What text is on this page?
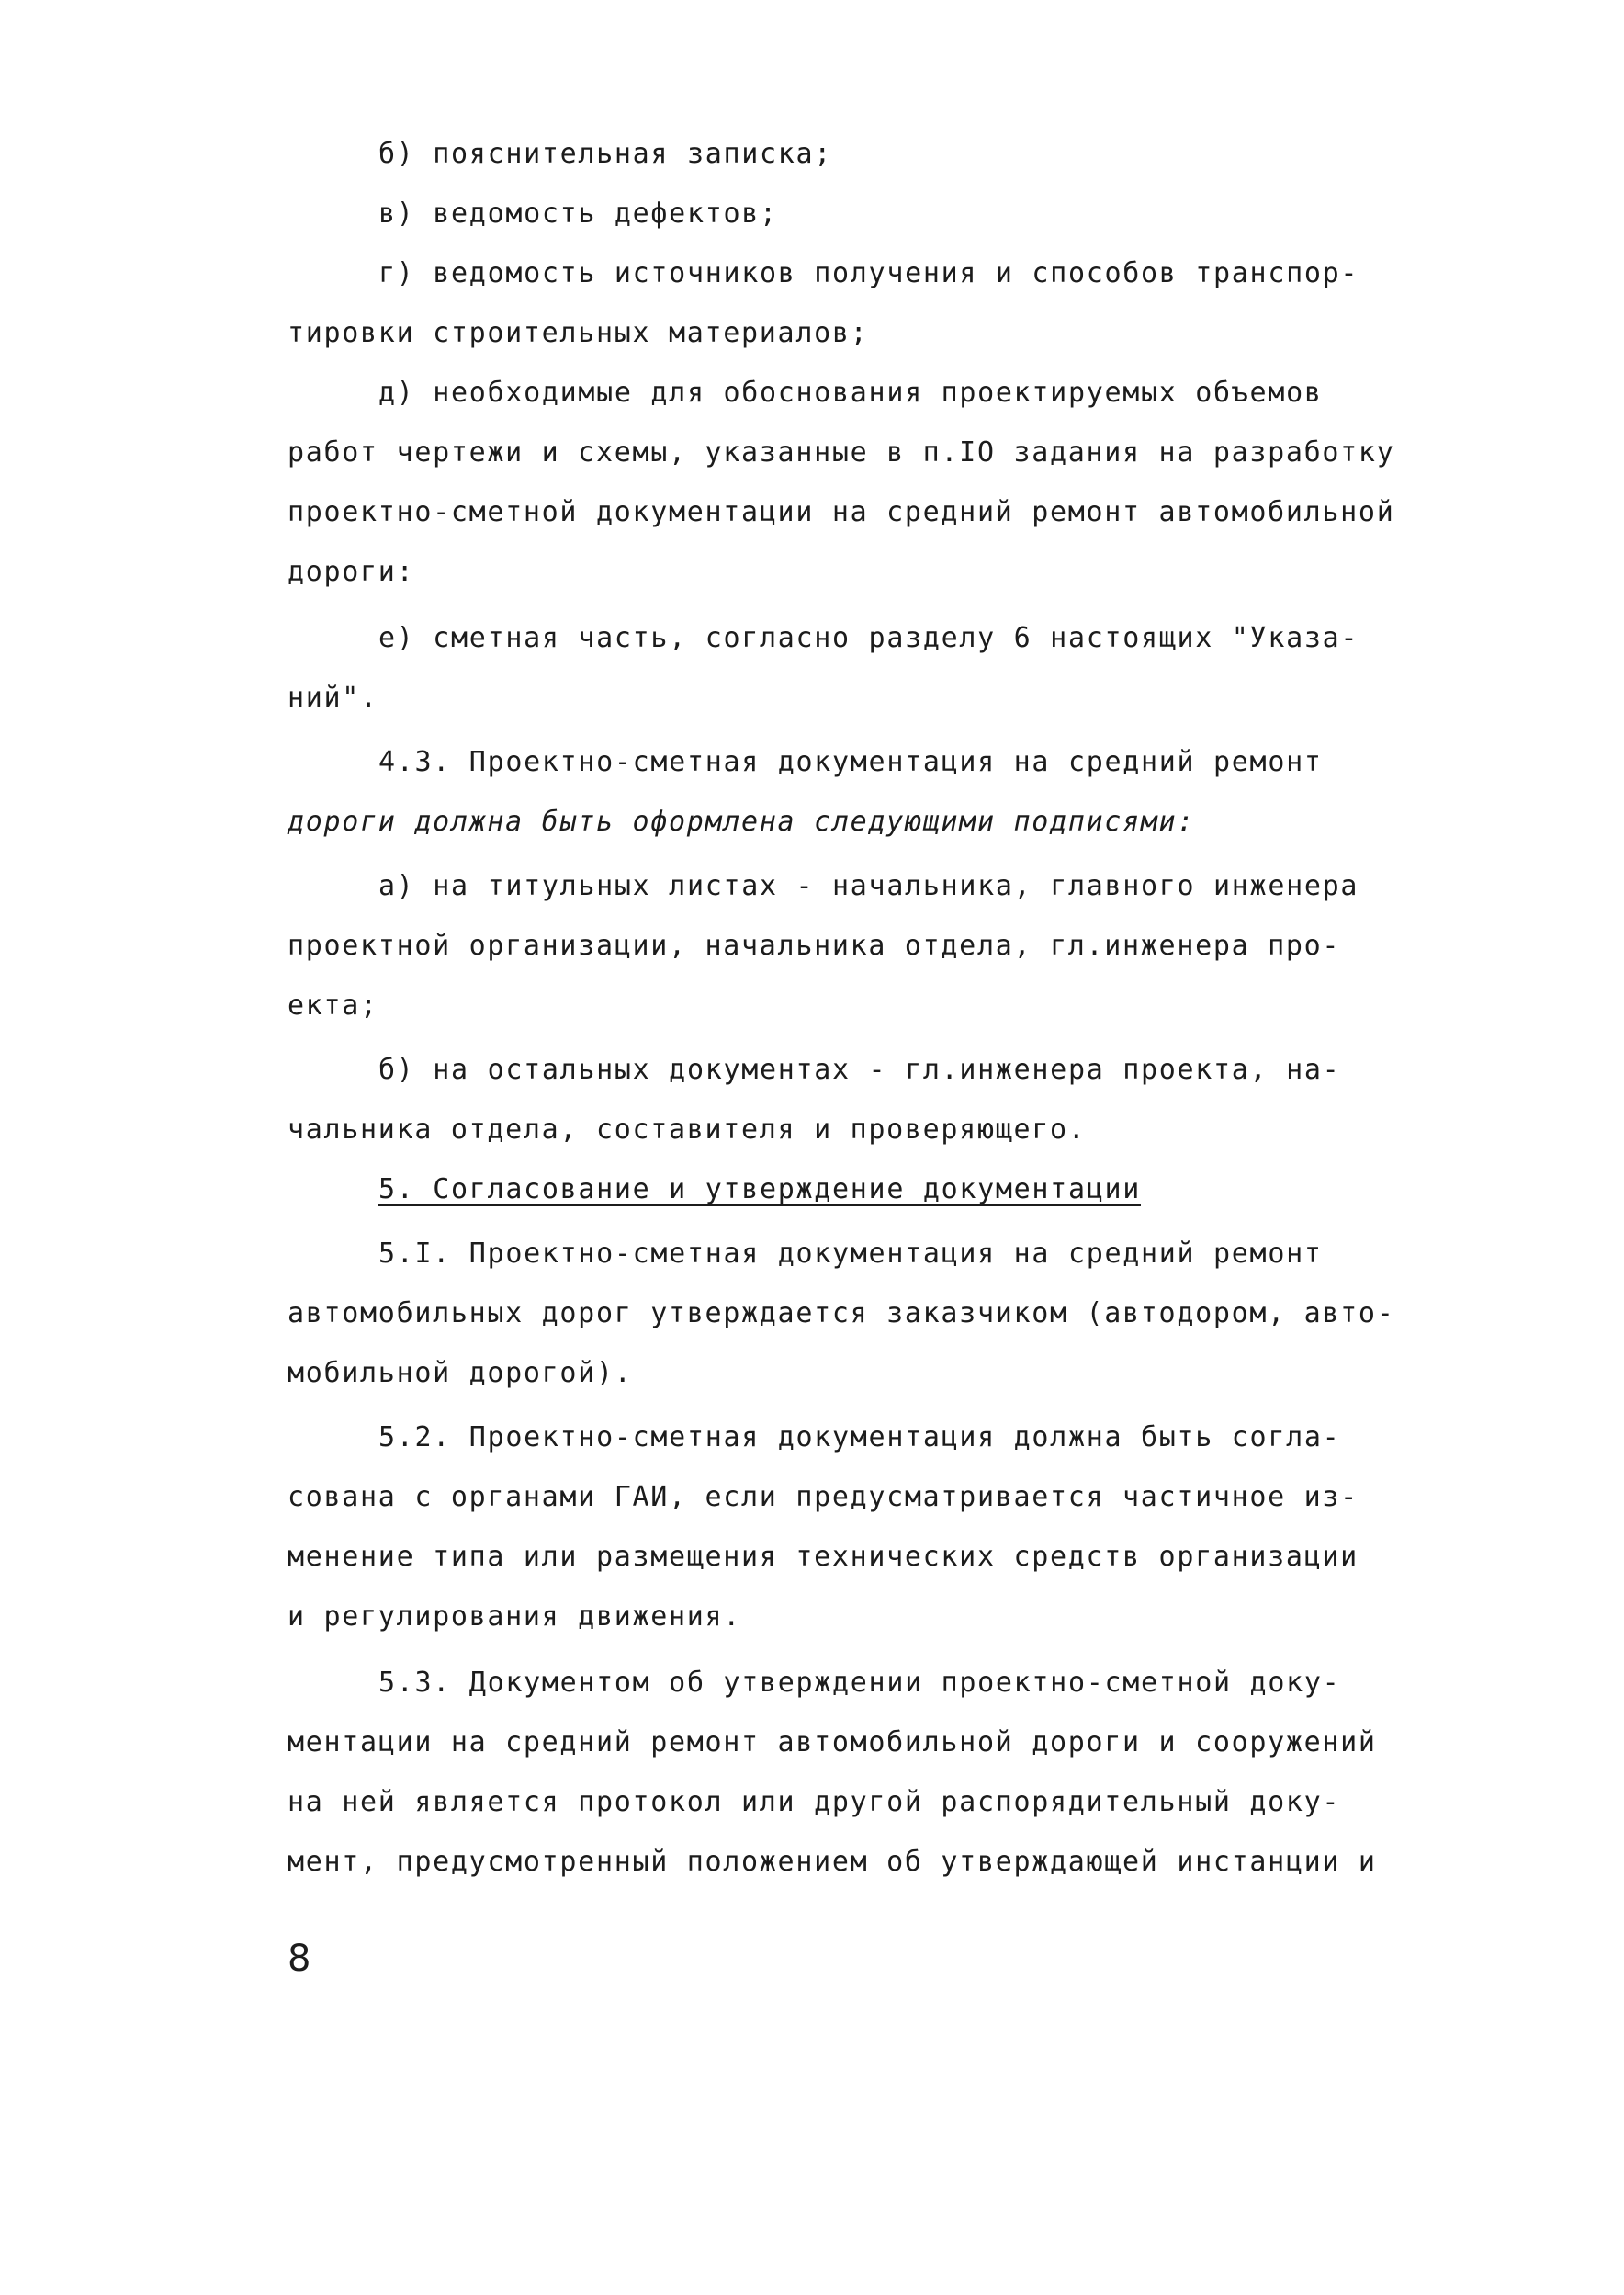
б) пояснительная записка;
в) ведомость дефектов;
г) ведомость источников получения и способов транспор-
тировки строительных материалов;
д) необходимые для обоснования проектируемых объемов
работ чертежи и схемы, указанные в п.IO задания на разработку
проектно-сметной документации на средний ремонт автомобильной
дороги:
е) сметная часть, согласно разделу 6 настоящих "Указа-
ний".
4.3. Проектно-сметная документация на средний ремонт
дороги должна быть оформлена следующими подписями:
а) на титульных листах - начальника, главного инженера
проектной организации, начальника отдела, гл.инженера про-
екта;
б) на остальных документах - гл.инженера проекта, на-
чальника отдела, составителя и проверяющего.
5. Согласование и утверждение документации
5.I. Проектно-сметная документация на средний ремонт
автомобильных дорог утверждается заказчиком (автодором, авто-
мобильной дорогой).
5.2. Проектно-сметная документация должна быть согла-
сована с органами ГАИ, если предусматривается частичное из-
менение типа или размещения технических средств организации
и регулирования движения.
5.3. Документом об утверждении проектно-сметной доку-
ментации на средний ремонт автомобильной дороги и сооружений
на ней является протокол или другой распорядительный доку-
мент, предусмотренный положением об утверждающей инстанции и
8
